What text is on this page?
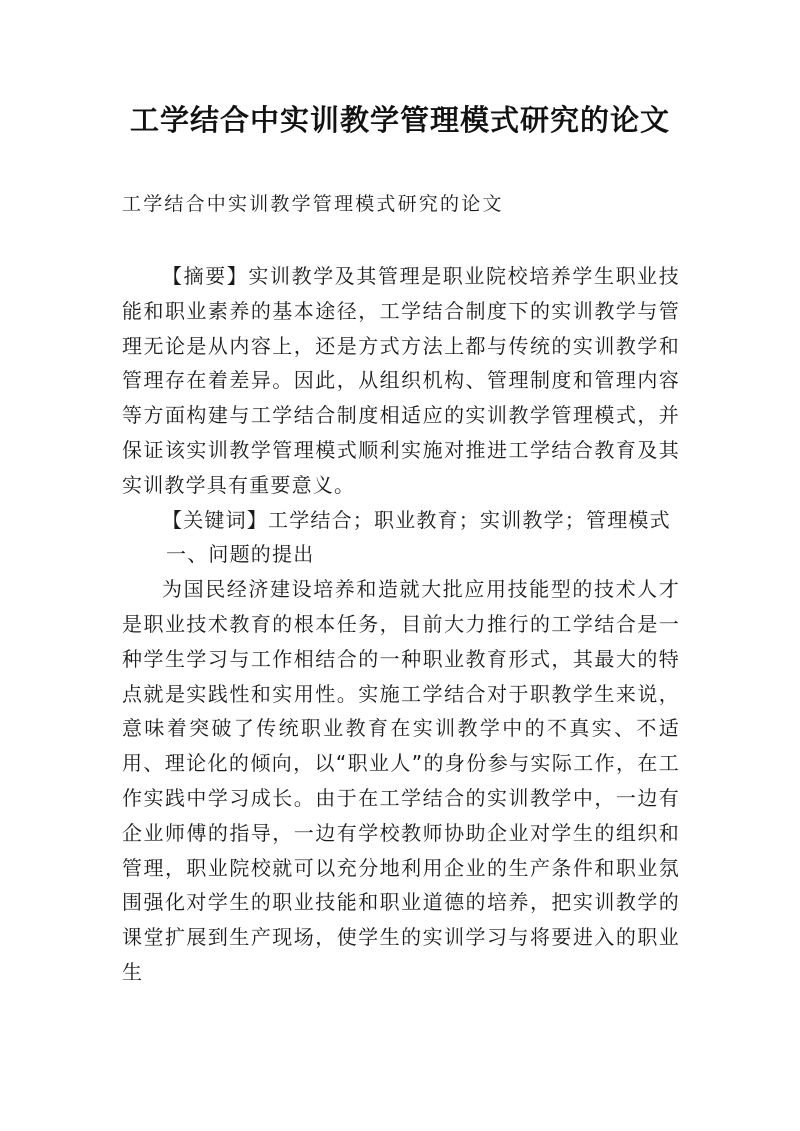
工学结合中实训教学管理模式研究的论文

工学结合中实训教学管理模式研究的论文

【摘要】实训教学及其管理是职业院校培养学生职业技能和职业素养的基本途径，工学结合制度下的实训教学与管理无论是从内容上，还是方式方法上都与传统的实训教学和管理存在着差异。因此，从组织机构、管理制度和管理内容等方面构建与工学结合制度相适应的实训教学管理模式，并保证该实训教学管理模式顺利实施对推进工学结合教育及其实训教学具有重要意义。

【关键词】工学结合；职业教育；实训教学；管理模式

一、问题的提出

为国民经济建设培养和造就大批应用技能型的技术人才是职业技术教育的根本任务，目前大力推行的工学结合是一种学生学习与工作相结合的一种职业教育形式，其最大的特点就是实践性和实用性。实施工学结合对于职教学生来说，意味着突破了传统职业教育在实训教学中的不真实、不适用、理论化的倾向，以“职业人”的身份参与实际工作，在工作实践中学习成长。由于在工学结合的实训教学中，一边有企业师傅的指导，一边有学校教师协助企业对学生的组织和管理，职业院校就可以充分地利用企业的生产条件和职业氛围强化对学生的职业技能和职业道德的培养，把实训教学的课堂扩展到生产现场，使学生的实训学习与将要进入的职业生
